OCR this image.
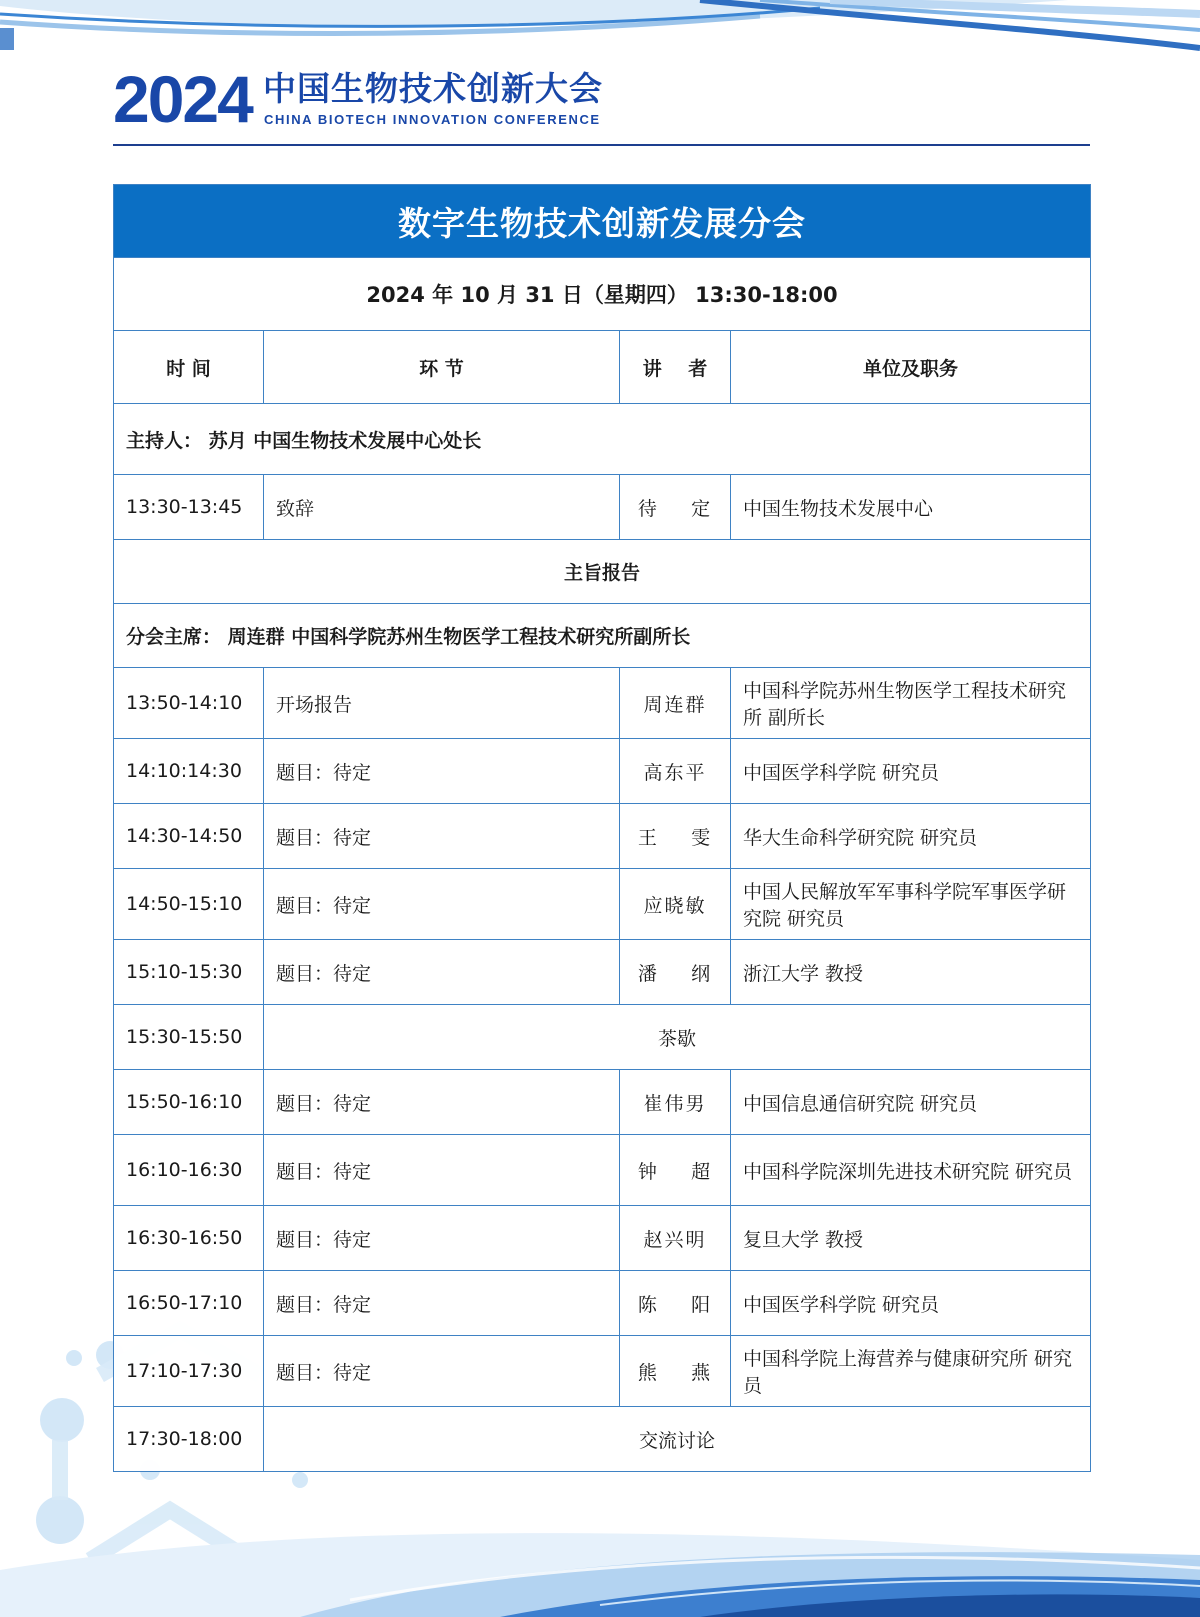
2024 中国生物技术创新大会
CHINA BIOTECH INNOVATION CONFERENCE
数字生物技术创新发展分会			
2024 年 10 月 31 日（星期四） 13:30-18:00			
时 间	环 节	讲    者	单位及职务
主持人： 苏月 中国生物技术发展中心处长			
13:30-13:45	致辞	待    定	中国生物技术发展中心
主旨报告			
分会主席： 周连群 中国科学院苏州生物医学工程技术研究所副所长			
13:50-14:10	开场报告	周连群	中国科学院苏州生物医学工程技术研究所 副所长
14:10:14:30	题目：待定	高东平	中国医学科学院 研究员
14:30-14:50	题目：待定	王    雯	华大生命科学研究院 研究员
14:50-15:10	题目：待定	应晓敏	中国人民解放军军事科学院军事医学研究院 研究员
15:10-15:30	题目：待定	潘    纲	浙江大学 教授
15:30-15:50	茶歇		
15:50-16:10	题目：待定	崔伟男	中国信息通信研究院 研究员
16:10-16:30	题目：待定	钟    超	中国科学院深圳先进技术研究院 研究员
16:30-16:50	题目：待定	赵兴明	复旦大学 教授
16:50-17:10	题目：待定	陈    阳	中国医学科学院 研究员
17:10-17:30	题目：待定	熊    燕	中国科学院上海营养与健康研究所 研究员
17:30-18:00	交流讨论		
